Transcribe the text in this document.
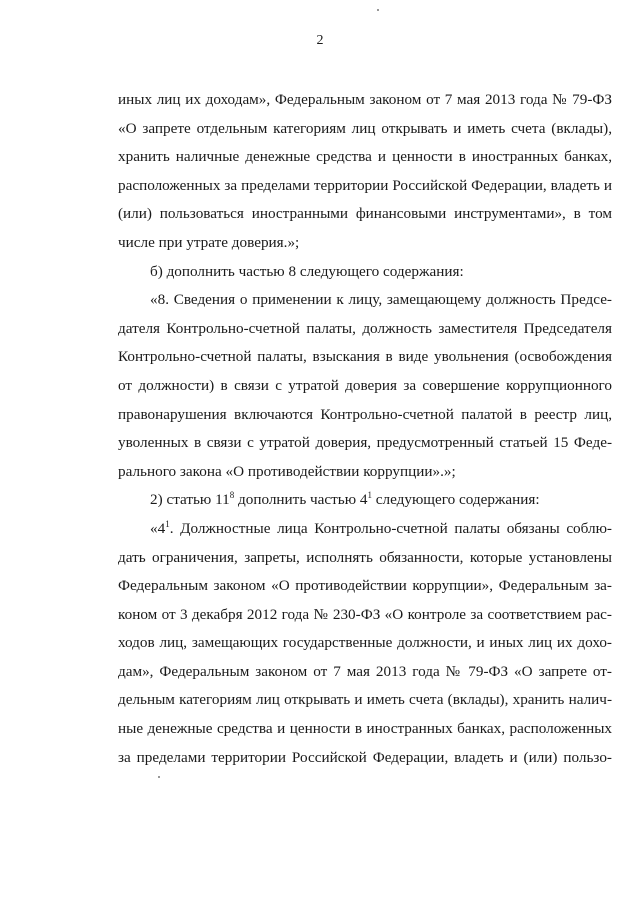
2
иных лиц их доходам», Федеральным законом от 7 мая 2013 года № 79-ФЗ
«О запрете отдельным категориям лиц открывать и иметь счета (вклады),
хранить наличные денежные средства и ценности в иностранных банках,
расположенных за пределами территории Российской Федерации, владеть и
(или) пользоваться иностранными финансовыми инструментами», в том
числе при утрате доверия.»;
б) дополнить частью 8 следующего содержания:
«8. Сведения о применении к лицу, замещающему должность Предсе-
дателя Контрольно-счетной палаты, должность заместителя Председателя
Контрольно-счетной палаты, взыскания в виде увольнения (освобождения
от должности) в связи с утратой доверия за совершение коррупционного
правонарушения включаются Контрольно-счетной палатой в реестр лиц,
уволенных в связи с утратой доверия, предусмотренный статьей 15 Феде-
рального закона «О противодействии коррупции».»;
2) статью $11^8$ дополнить частью $4^1$ следующего содержания:
«$4^1$. Должностные лица Контрольно-счетной палаты обязаны соблю-
дать ограничения, запреты, исполнять обязанности, которые установлены
Федеральным законом «О противодействии коррупции», Федеральным за-
коном от 3 декабря 2012 года № 230-ФЗ «О контроле за соответствием рас-
ходов лиц, замещающих государственные должности, и иных лиц их дохо-
дам», Федеральным законом от 7 мая 2013 года № 79-ФЗ «О запрете от-
дельным категориям лиц открывать и иметь счета (вклады), хранить налич-
ные денежные средства и ценности в иностранных банках, расположенных
за пределами территории Российской Федерации, владеть и (или) пользо-
